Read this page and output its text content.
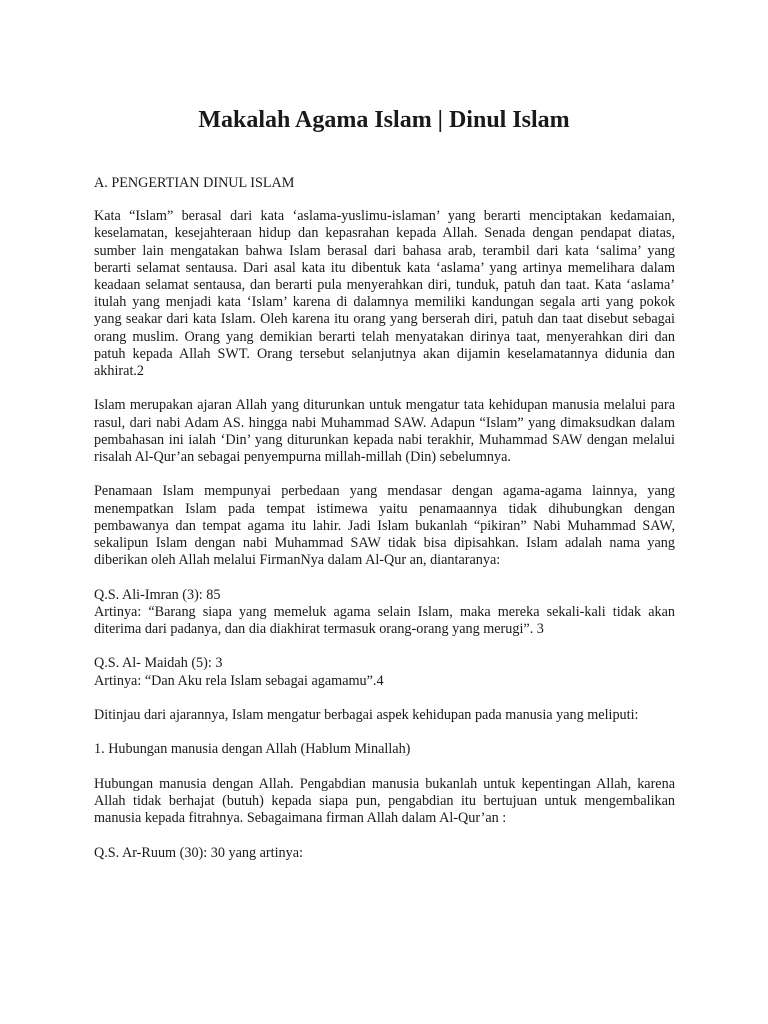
Makalah Agama Islam | Dinul Islam

A. PENGERTIAN DINUL ISLAM

Kata “Islam” berasal dari kata ‘aslama-yuslimu-islaman’ yang berarti menciptakan kedamaian, keselamatan, kesejahteraan hidup dan kepasrahan kepada Allah. Senada dengan pendapat diatas, sumber lain mengatakan bahwa Islam berasal dari bahasa arab, terambil dari kata ‘salima’ yang berarti selamat sentausa. Dari asal kata itu dibentuk kata ‘aslama’ yang artinya memelihara dalam keadaan selamat sentausa, dan berarti pula menyerahkan diri, tunduk, patuh dan taat. Kata ‘aslama’ itulah yang menjadi kata ‘Islam’ karena di dalamnya memiliki kandungan segala arti yang pokok yang seakar dari kata Islam. Oleh karena itu orang yang berserah diri, patuh dan taat disebut sebagai orang muslim. Orang yang demikian berarti telah menyatakan dirinya taat, menyerahkan diri dan patuh kepada Allah SWT. Orang tersebut selanjutnya akan dijamin keselamatannya didunia dan akhirat.2

Islam merupakan ajaran Allah yang diturunkan untuk mengatur tata kehidupan manusia melalui para rasul, dari nabi Adam AS. hingga nabi Muhammad SAW. Adapun “Islam” yang dimaksudkan dalam pembahasan ini ialah ‘Din’ yang diturunkan kepada nabi terakhir, Muhammad SAW dengan melalui risalah Al-Qur’an sebagai penyempurna millah-millah (Din) sebelumnya.

Penamaan Islam mempunyai perbedaan yang mendasar dengan agama-agama lainnya, yang menempatkan Islam pada tempat istimewa yaitu penamaannya tidak dihubungkan dengan pembawanya dan tempat agama itu lahir. Jadi Islam bukanlah “pikiran” Nabi Muhammad SAW, sekalipun Islam dengan nabi Muhammad SAW tidak bisa dipisahkan. Islam adalah nama yang diberikan oleh Allah melalui FirmanNya dalam Al-Qur an, diantaranya:

Q.S. Ali-Imran (3): 85
Artinya: “Barang siapa yang memeluk agama selain Islam, maka mereka sekali-kali tidak akan diterima dari padanya, dan dia diakhirat termasuk orang-orang yang merugi”. 3

Q.S. Al- Maidah (5): 3
Artinya: “Dan Aku rela Islam sebagai agamamu”.4

Ditinjau dari ajarannya, Islam mengatur berbagai aspek kehidupan pada manusia yang meliputi:

1. Hubungan manusia dengan Allah (Hablum Minallah)

Hubungan manusia dengan Allah. Pengabdian manusia bukanlah untuk kepentingan Allah, karena Allah tidak berhajat (butuh) kepada siapa pun, pengabdian itu bertujuan untuk mengembalikan manusia kepada fitrahnya. Sebagaimana firman Allah dalam Al-Qur’an :

Q.S. Ar-Ruum (30): 30 yang artinya:
